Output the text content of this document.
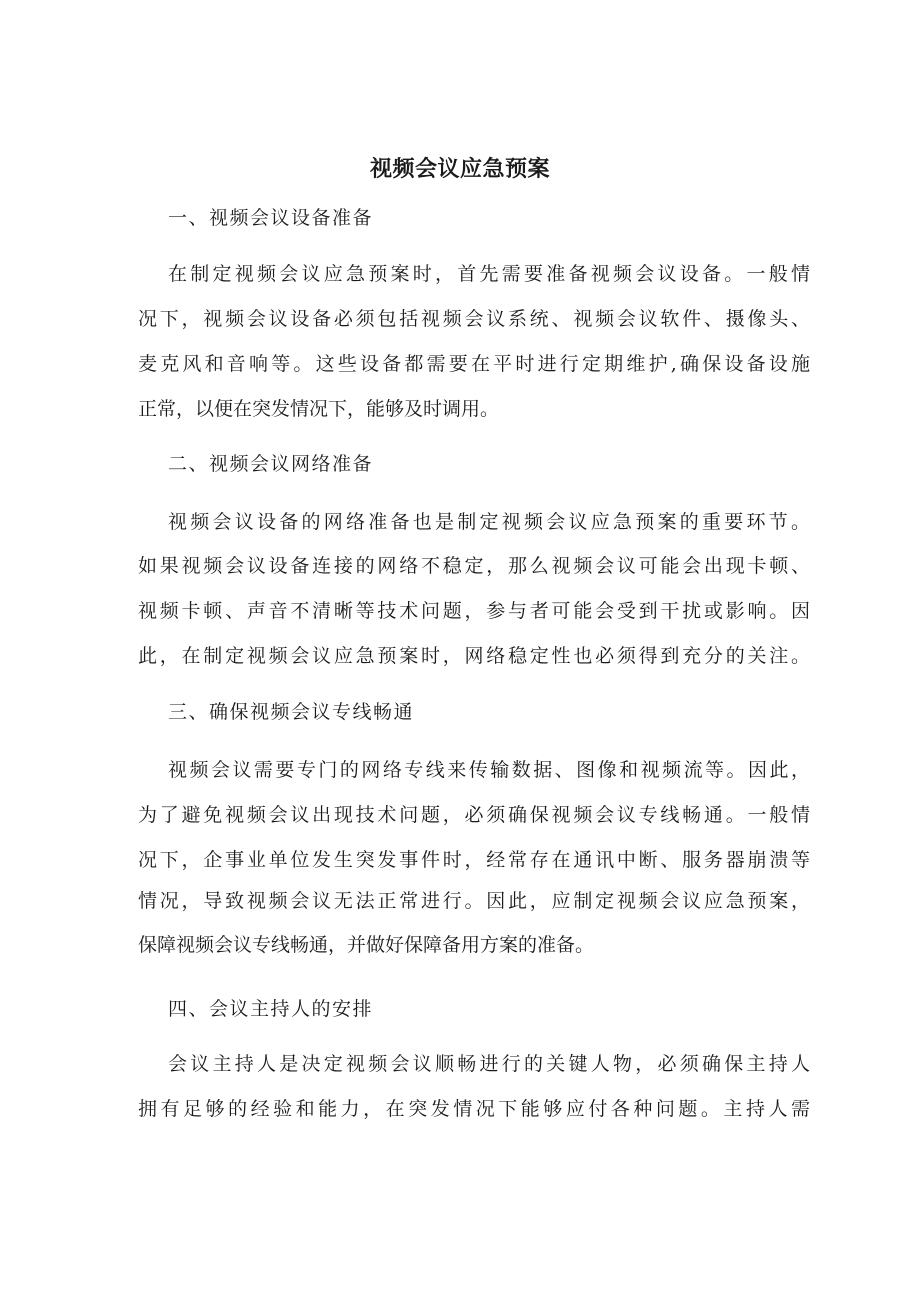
视频会议应急预案
一、视频会议设备准备
在制定视频会议应急预案时，首先需要准备视频会议设备。一般情
况下，视频会议设备必须包括视频会议系统、视频会议软件、摄像头、
麦克风和音响等。这些设备都需要在平时进行定期维护,确保设备设施
正常，以便在突发情况下，能够及时调用。
二、视频会议网络准备
视频会议设备的网络准备也是制定视频会议应急预案的重要环节。
如果视频会议设备连接的网络不稳定，那么视频会议可能会出现卡顿、
视频卡顿、声音不清晰等技术问题，参与者可能会受到干扰或影响。因
此，在制定视频会议应急预案时，网络稳定性也必须得到充分的关注。
三、确保视频会议专线畅通
视频会议需要专门的网络专线来传输数据、图像和视频流等。因此，
为了避免视频会议出现技术问题，必须确保视频会议专线畅通。一般情
况下，企事业单位发生突发事件时，经常存在通讯中断、服务器崩溃等
情况，导致视频会议无法正常进行。因此，应制定视频会议应急预案，
保障视频会议专线畅通，并做好保障备用方案的准备。
四、会议主持人的安排
会议主持人是决定视频会议顺畅进行的关键人物，必须确保主持人
拥有足够的经验和能力，在突发情况下能够应付各种问题。主持人需
